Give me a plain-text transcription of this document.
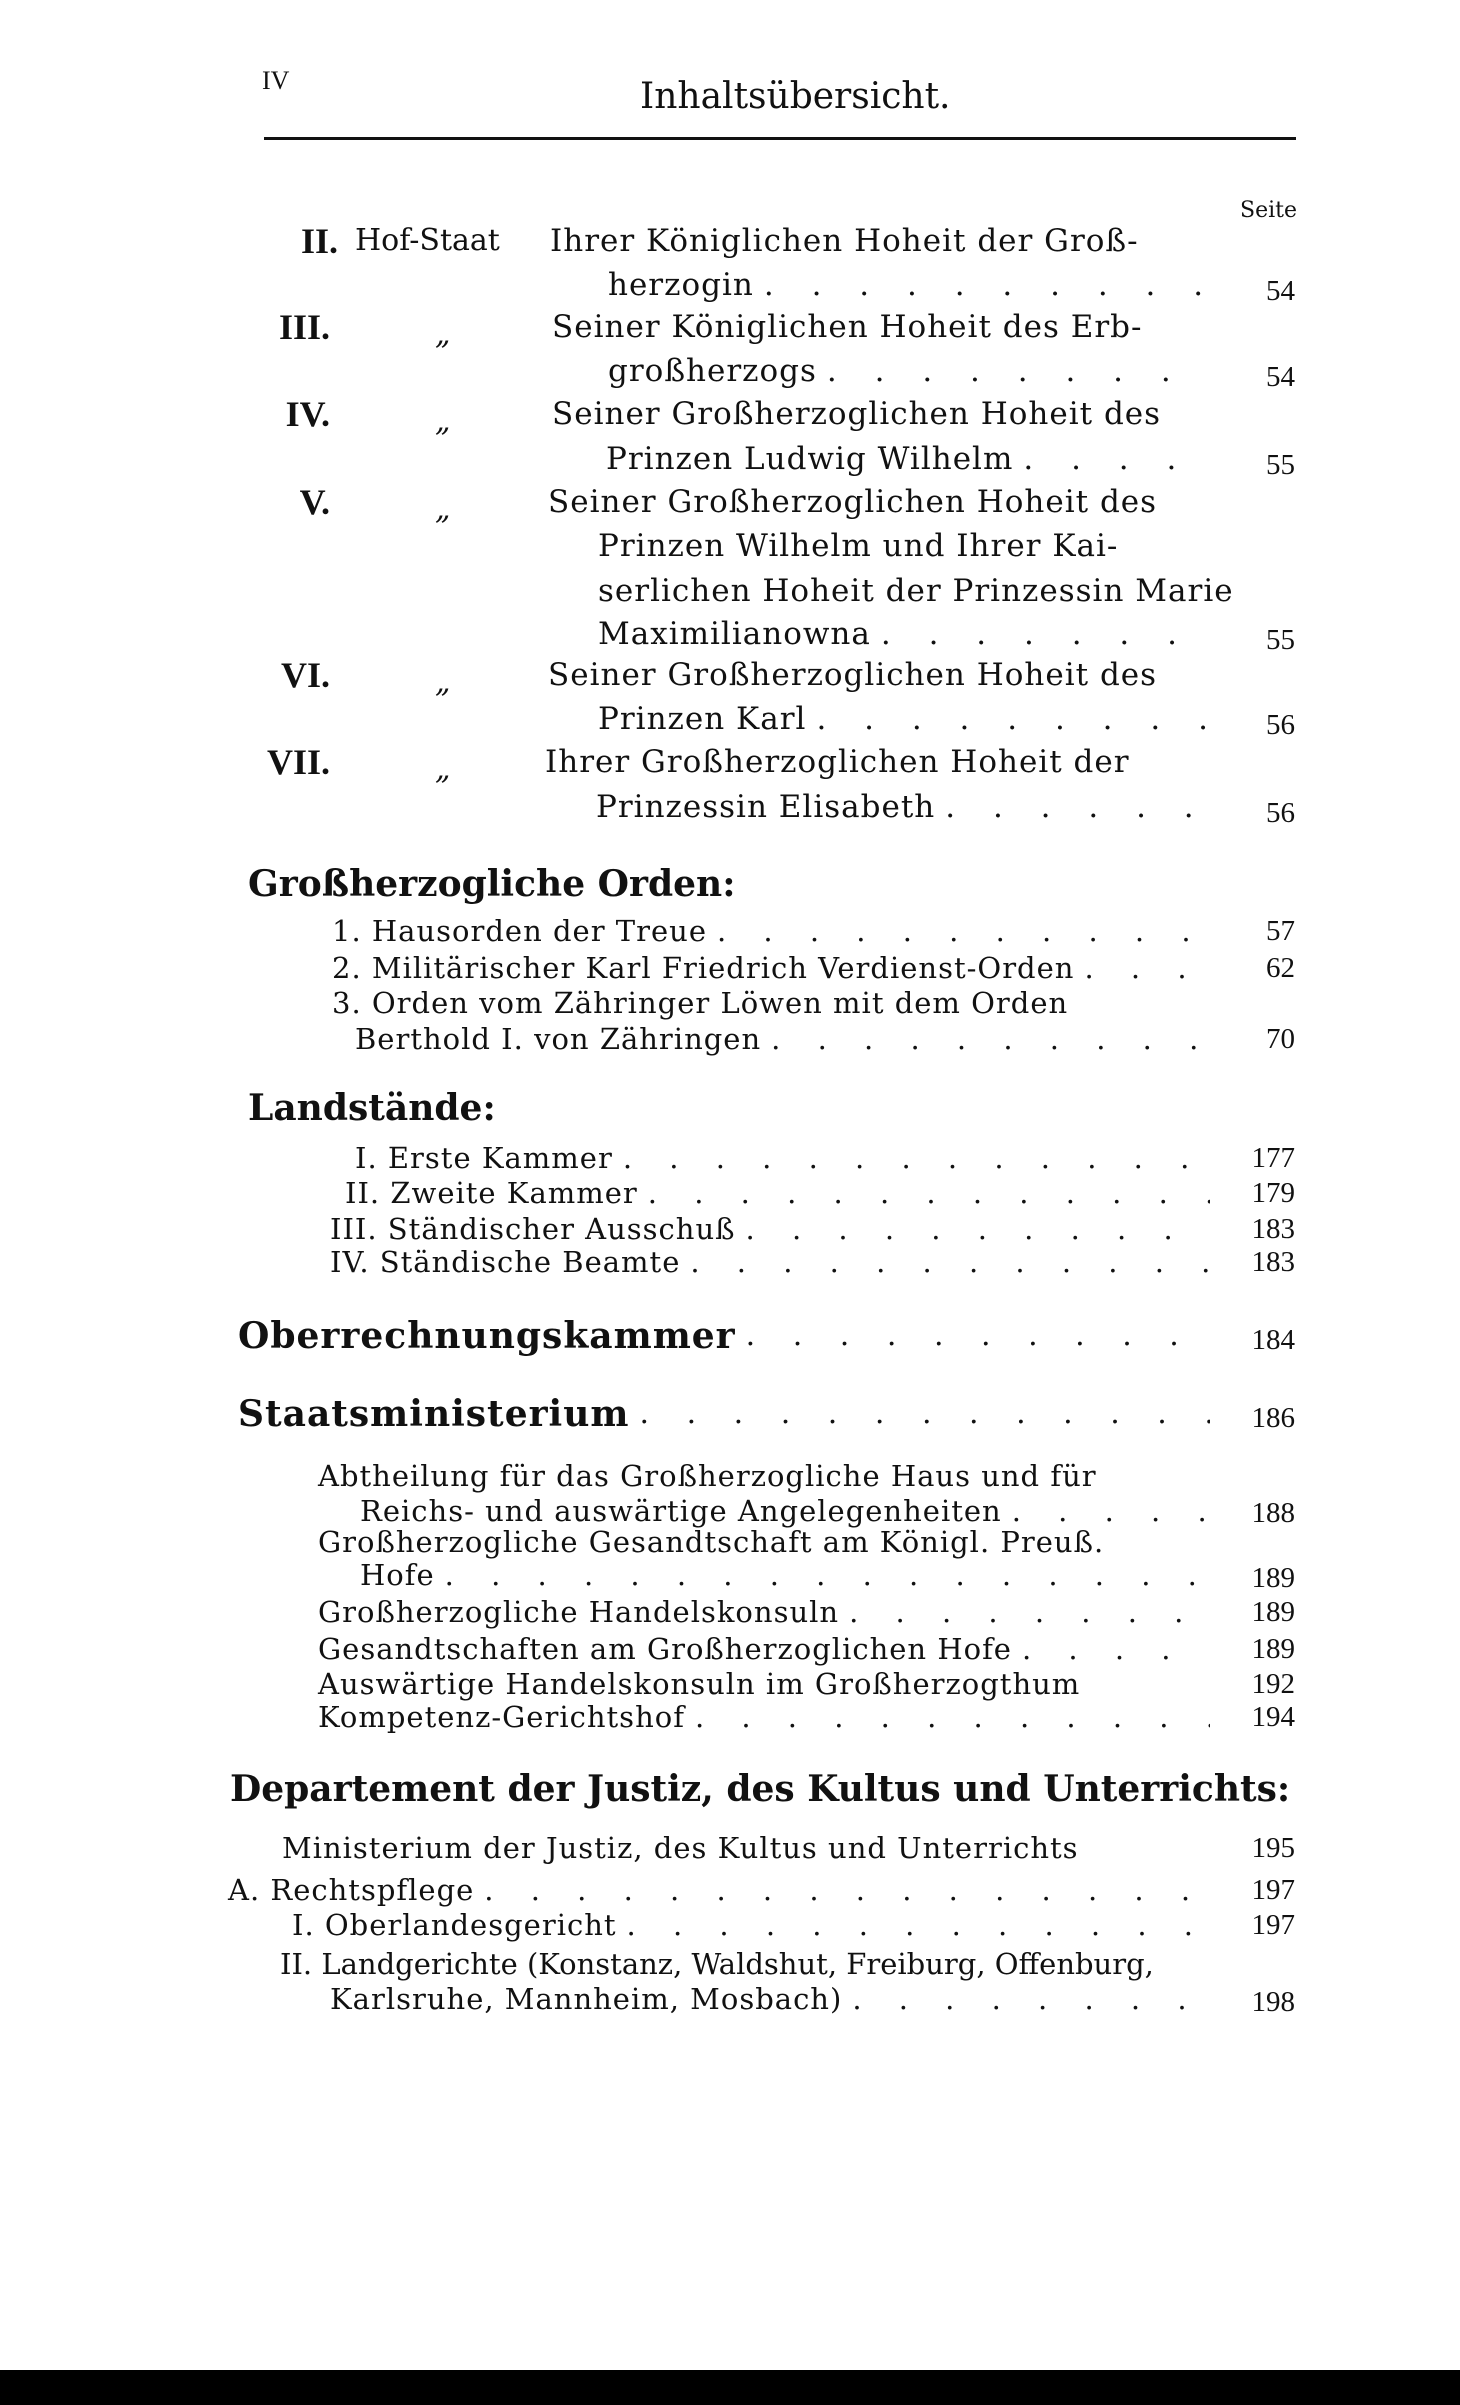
IV	Inhaltsübersicht.
Seite
II. Hof-Staat Ihrer Königlichen Hoheit der Groß-
herzogin . . .	54
III.	„	Seiner Königlichen Hoheit des Erb-
großherzogs . . .	54
IV.	„	Seiner Großherzoglichen Hoheit des
Prinzen Ludwig Wilhelm . . .	55
V.	„	Seiner Großherzoglichen Hoheit des
Prinzen Wilhelm und Ihrer Kai-
serlichen Hoheit der Prinzessin Marie
Maximilianowna . . .	55
VI.	„	Seiner Großherzoglichen Hoheit des
Prinzen Karl . . .	56
VII.	„	Ihrer Großherzoglichen Hoheit der
Prinzessin Elisabeth . . .	56
Großherzogliche Orden:
1. Hausorden der Treue . . .	57
2. Militärischer Karl Friedrich Verdienst-Orden . . .	62
3. Orden vom Zähringer Löwen mit dem Orden
Berthold I. von Zähringen . . .	70
Landstände:
I. Erste Kammer . . .	177
II. Zweite Kammer . . .	179
III. Ständischer Ausschuß . . .	183
IV. Ständische Beamte . . .	183
Oberrechnungskammer . . .	184
Staatsministerium . . .	186
Abtheilung für das Großherzogliche Haus und für
Reichs- und auswärtige Angelegenheiten . . .	188
Großherzogliche Gesandtschaft am Königl. Preuß.
Hofe . . .	189
Großherzogliche Handelskonsuln . . .	189
Gesandtschaften am Großherzoglichen Hofe . . .	189
Auswärtige Handelskonsuln im Großherzogthum	192
Kompetenz-Gerichtshof . . .	194
Departement der Justiz, des Kultus und Unterrichts:
Ministerium der Justiz, des Kultus und Unterrichts	195
A. Rechtspflege . . .	197
I. Oberlandesgericht . . .	197
II. Landgerichte (Konstanz, Waldshut, Freiburg, Offenburg,
Karlsruhe, Mannheim, Mosbach) . . .	198
